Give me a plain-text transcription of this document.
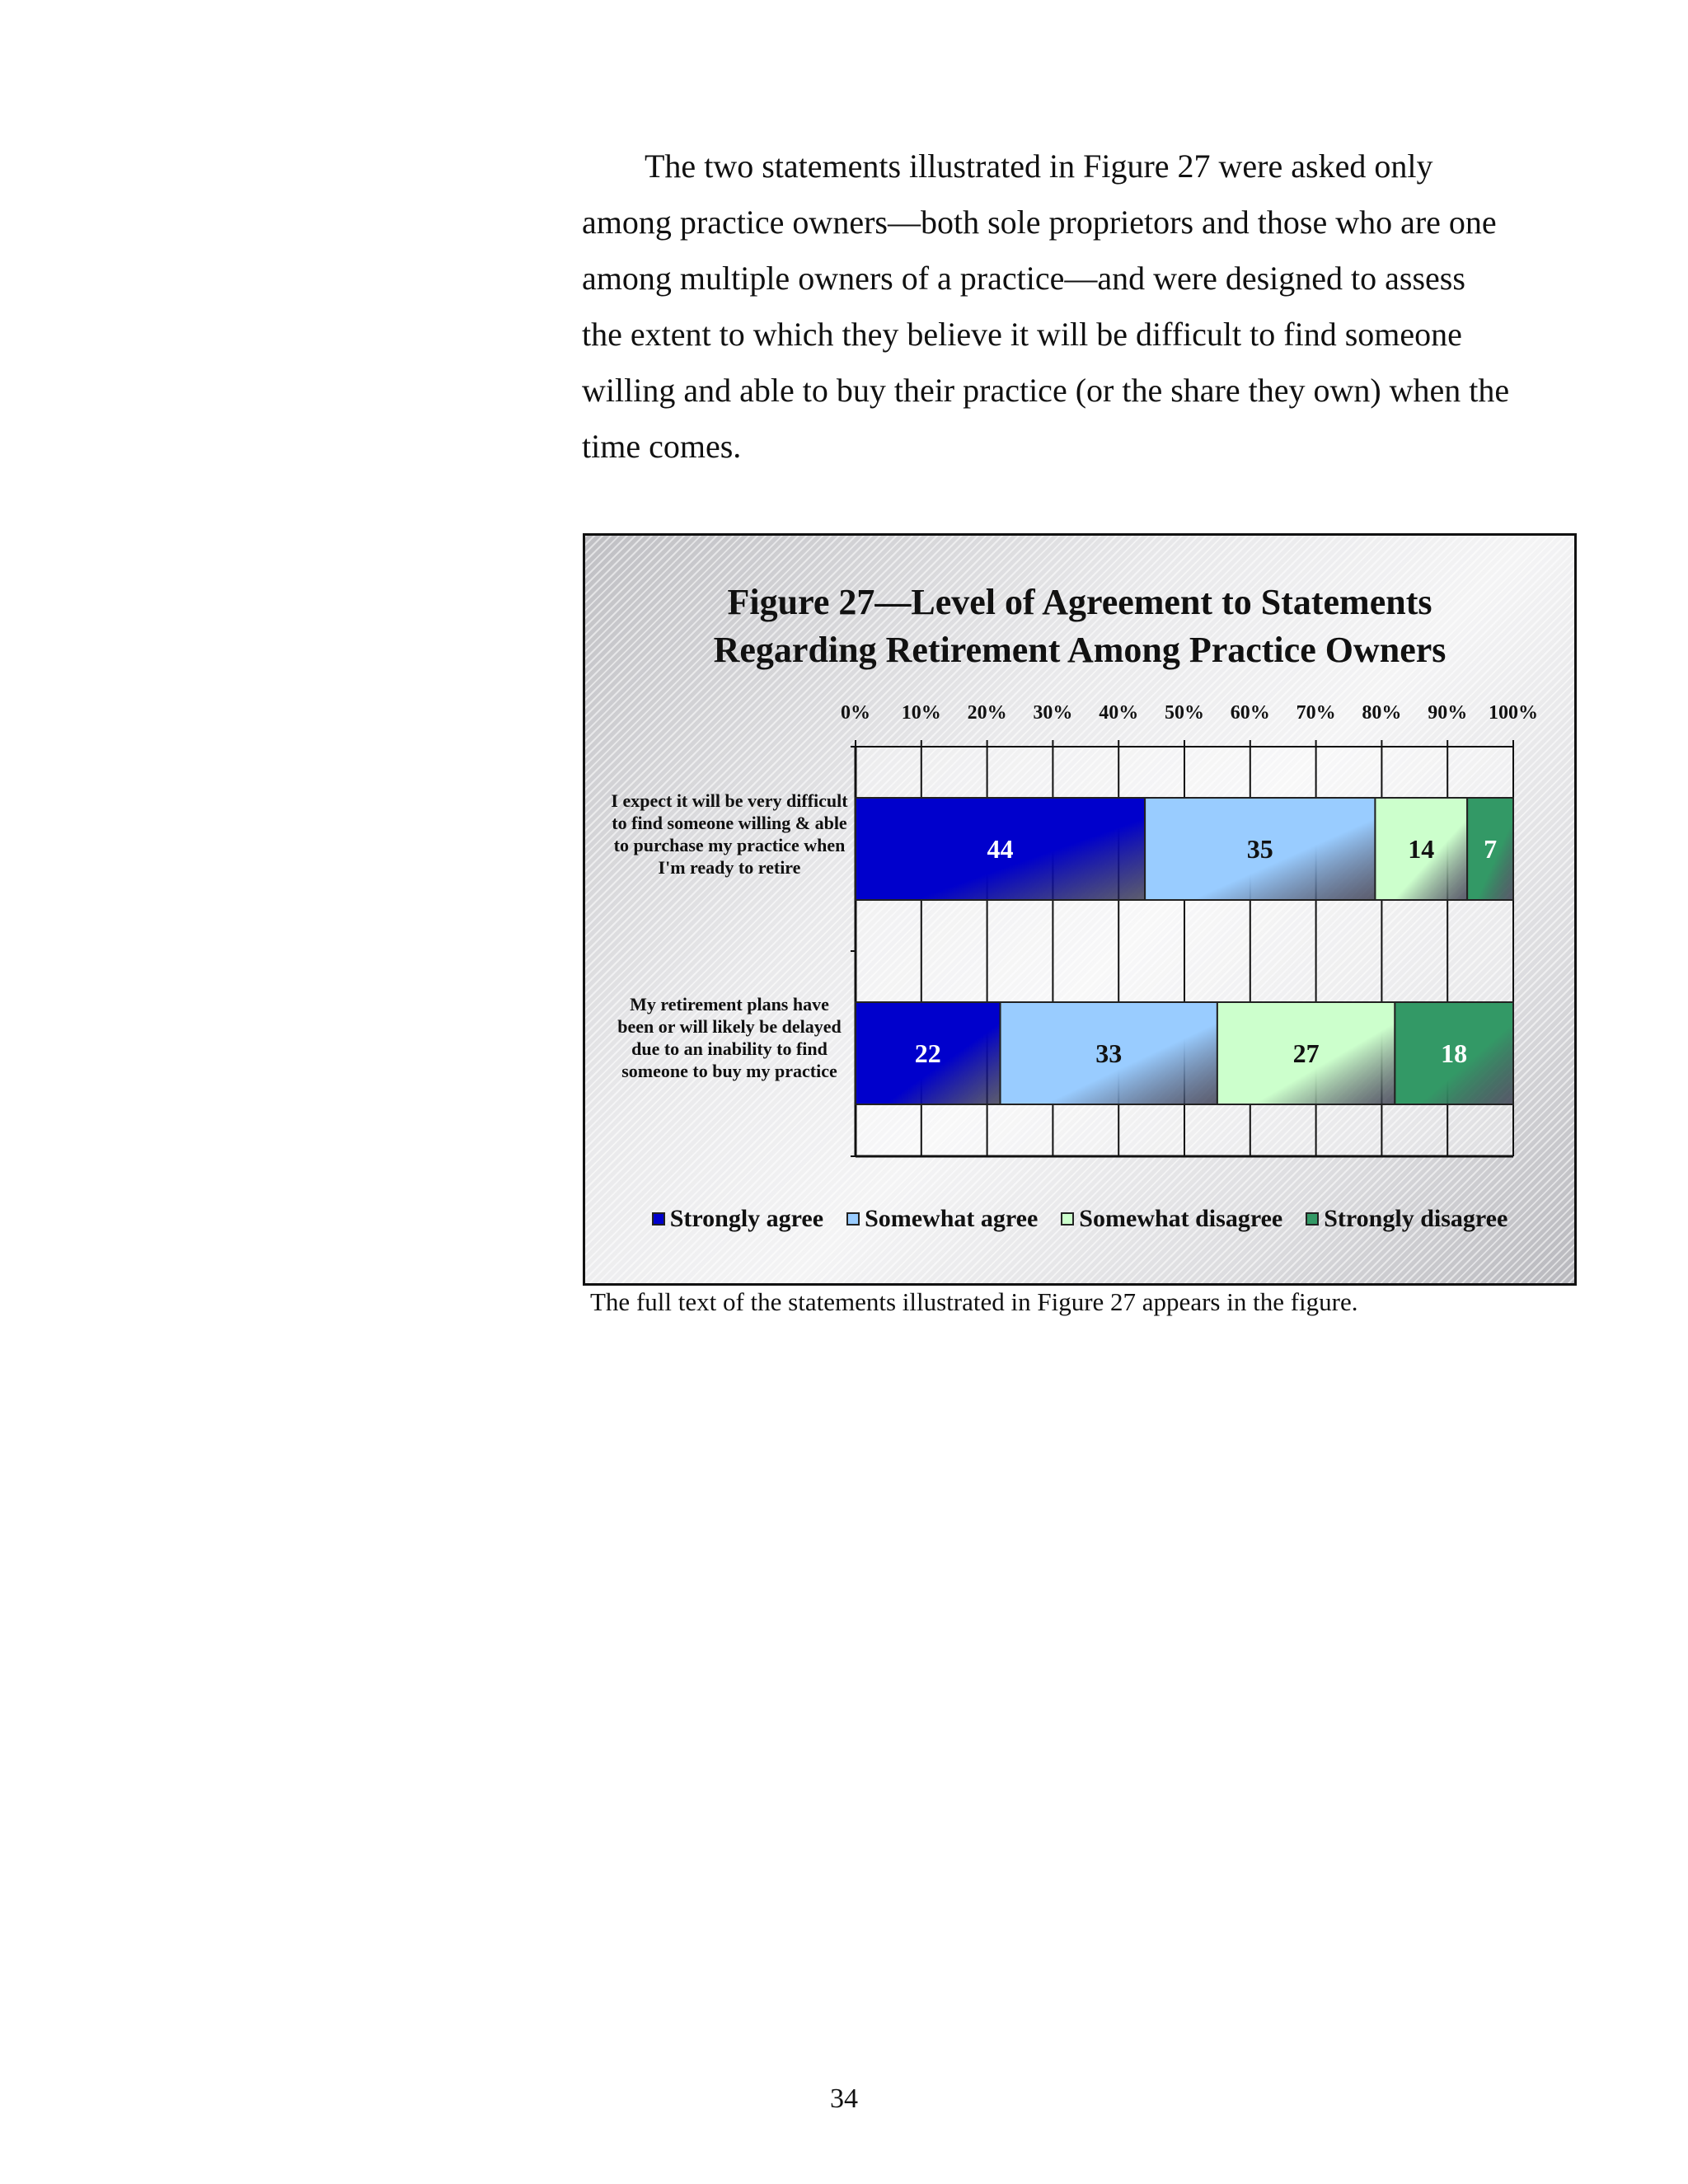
The two statements illustrated in Figure 27 were asked only among practice owners—both sole proprietors and those who are one among multiple owners of a practice—and were designed to assess the extent to which they believe it will be difficult to find someone willing and able to buy their practice (or the share they own) when the time comes.

Figure 27—Level of Agreement to Statements
Regarding Retirement Among Practice Owners
0% 10% 20% 30% 40% 50% 60% 70% 80% 90% 100%
44	35	14 7
22	33	27	18
I expect it will be very difficult to find someone willing & able to purchase my practice when I'm ready to retire
My retirement plans have been or will likely be delayed due to an inability to find someone to buy my practice
Strongly agree Somewhat agree Somewhat disagree Strongly disagree

The full text of the statements illustrated in Figure 27 appears in the figure.

34
